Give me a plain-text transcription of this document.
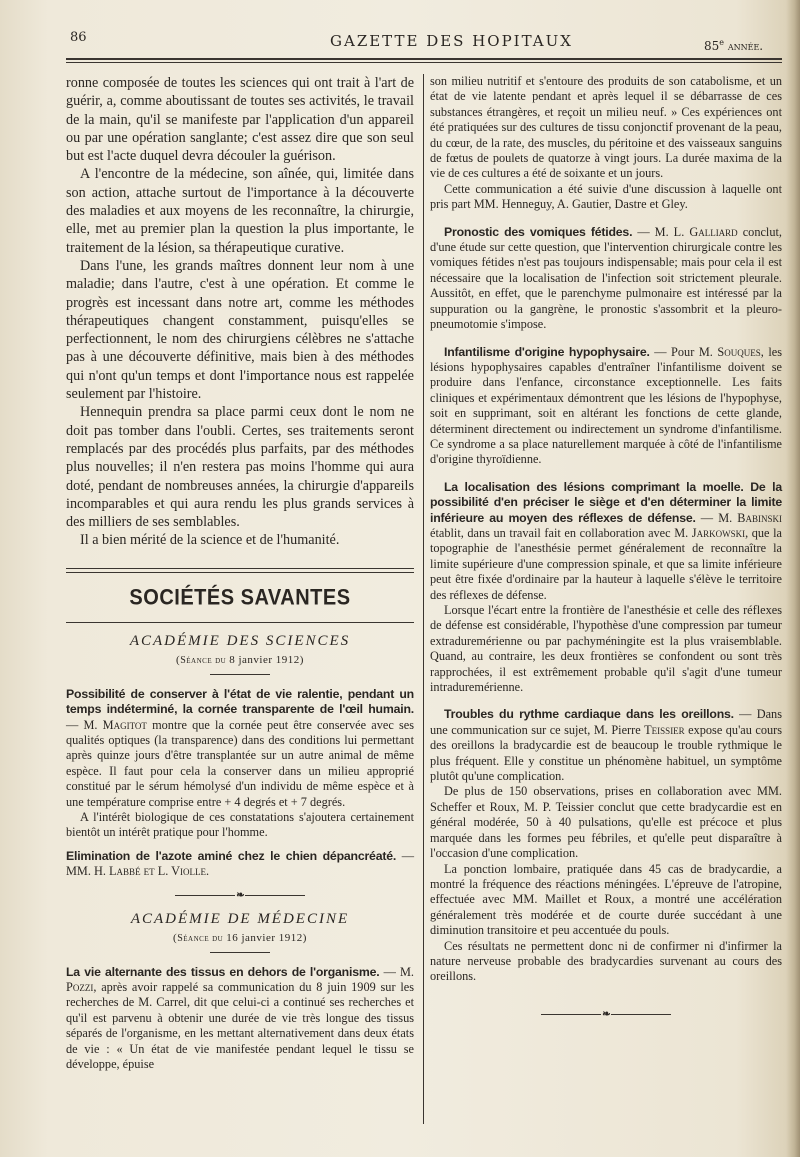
86	GAZETTE DES HOPITAUX	85e année.

ronne composée de toutes les sciences qui ont trait à l'art de guérir, a, comme aboutissant de toutes ses activités, le travail de la main, qu'il se manifeste par l'application d'un appareil ou par une opération sanglante; c'est assez dire que son seul but est l'acte duquel devra découler la guérison.

A l'encontre de la médecine, son aînée, qui, limitée dans son action, attache surtout de l'importance à la découverte des maladies et aux moyens de les reconnaître, la chirurgie, elle, met au premier plan la question la plus importante, le traitement de la lésion, sa thérapeutique curative.

Dans l'une, les grands maîtres donnent leur nom à une maladie; dans l'autre, c'est à une opération. Et comme le progrès est incessant dans notre art, comme les méthodes thérapeutiques changent constamment, puisqu'elles se perfectionnent, le nom des chirurgiens célèbres ne s'attache pas à une découverte définitive, mais bien à des méthodes qui n'ont qu'un temps et dont l'importance nous est rappelée seulement par l'histoire.

Hennequin prendra sa place parmi ceux dont le nom ne doit pas tomber dans l'oubli. Certes, ses traitements seront remplacés par des procédés plus parfaits, par des méthodes plus nouvelles; il n'en restera pas moins l'homme qui aura doté, pendant de nombreuses années, la chirurgie d'appareils incomparables et qui aura rendu les plus grands services à des milliers de ses semblables.

Il a bien mérité de la science et de l'humanité.

SOCIÉTÉS SAVANTES
ACADÉMIE DES SCIENCES
(Séance du 8 janvier 1912)

Possibilité de conserver à l'état de vie ralentie, pendant un temps indéterminé, la cornée transparente de l'œil humain. — M. Magitot montre que la cornée peut être conservée avec ses qualités optiques (la transparence) dans des conditions lui permettant après quinze jours d'être transplantée sur un autre animal de même espèce. Il faut pour cela la conserver dans un milieu approprié constitué par le sérum hémolysé d'un individu de même espèce et à une température comprise entre + 4 degrés et + 7 degrés.

A l'intérêt biologique de ces constatations s'ajoutera certainement bientôt un intérêt pratique pour l'homme.

Elimination de l'azote aminé chez le chien dépancréaté. — MM. H. Labbé et L. Violle.

❧
ACADÉMIE DE MÉDECINE
(Séance du 16 janvier 1912)

La vie alternante des tissus en dehors de l'organisme. — M. Pozzi, après avoir rappelé sa communication du 8 juin 1909 sur les recherches de M. Carrel, dit que celui-ci a continué ses recherches et qu'il est parvenu à obtenir une durée de vie très longue des tissus séparés de l'organisme, en les mettant alternativement dans deux états de vie : « Un état de vie manifestée pendant lequel le tissu se développe, épuise

son milieu nutritif et s'entoure des produits de son catabolisme, et un état de vie latente pendant et après lequel il se débarrasse de ces substances étrangères, et reçoit un milieu neuf. » Ces expériences ont été pratiquées sur des cultures de tissu conjonctif provenant de la peau, du cœur, de la rate, des muscles, du péritoine et des vaisseaux sanguins de fœtus de poulets de quatorze à vingt jours. La durée maxima de la vie de ces cultures a été de soixante et un jours.

Cette communication a été suivie d'une discussion à laquelle ont pris part MM. Henneguy, A. Gautier, Dastre et Gley.

Pronostic des vomiques fétides. — M. L. Galliard conclut, d'une étude sur cette question, que l'intervention chirurgicale contre les vomiques fétides n'est pas toujours indispensable; mais pour cela il est nécessaire que la localisation de l'infection soit strictement pleurale. Aussitôt, en effet, que le parenchyme pulmonaire est intéressé par la suppuration ou la gangrène, le pronostic s'assombrit et la pleuro-pneumotomie s'impose.

Infantilisme d'origine hypophysaire. — Pour M. Souques, les lésions hypophysaires capables d'entraîner l'infantilisme doivent se produire dans l'enfance, circonstance exceptionnelle. Les faits cliniques et expérimentaux démontrent que les lésions de l'hypophyse, soit en supprimant, soit en altérant les fonctions de cette glande, déterminent directement ou indirectement un syndrome d'infantilisme. Ce syndrome a sa place naturellement marquée à côté de l'infantilisme d'origine thyroïdienne.

La localisation des lésions comprimant la moelle. De la possibilité d'en préciser le siège et d'en déterminer la limite inférieure au moyen des réflexes de défense. — M. Babinski établit, dans un travail fait en collaboration avec M. Jarkowski, que la topographie de l'anesthésie permet généralement de reconnaître la limite supérieure d'une compression spinale, et que sa limite inférieure peut être fixée d'ordinaire par la hauteur à laquelle s'élève le territoire des réflexes de défense.

Lorsque l'écart entre la frontière de l'anesthésie et celle des réflexes de défense est considérable, l'hypothèse d'une compression par tumeur extraduremérienne ou par pachyméningite est la plus vraisemblable. Quand, au contraire, les deux frontières se confondent ou sont très rapprochées, il est extrêmement probable qu'il s'agit d'une tumeur intraduremérienne.

Troubles du rythme cardiaque dans les oreillons. — Dans une communication sur ce sujet, M. Pierre Teissier expose qu'au cours des oreillons la bradycardie est de beaucoup le trouble rythmique le plus fréquent. Elle y constitue un phénomène habituel, un symptôme plutôt qu'une complication.

De plus de 150 observations, prises en collaboration avec MM. Scheffer et Roux, M. P. Teissier conclut que cette bradycardie est en général modérée, 50 à 40 pulsations, qu'elle est précoce et plus marquée dans les formes peu fébriles, et qu'elle peut disparaître à l'occasion d'une complication.

La ponction lombaire, pratiquée dans 45 cas de bradycardie, a montré la fréquence des réactions méningées. L'épreuve de l'atropine, effectuée avec MM. Maillet et Roux, a montré une accélération généralement très modérée et de courte durée succédant à une diminution transitoire et peu accentuée du pouls.

Ces résultats ne permettent donc ni de confirmer ni d'infirmer la nature nerveuse probable des bradycardies survenant au cours des oreillons.

❧
